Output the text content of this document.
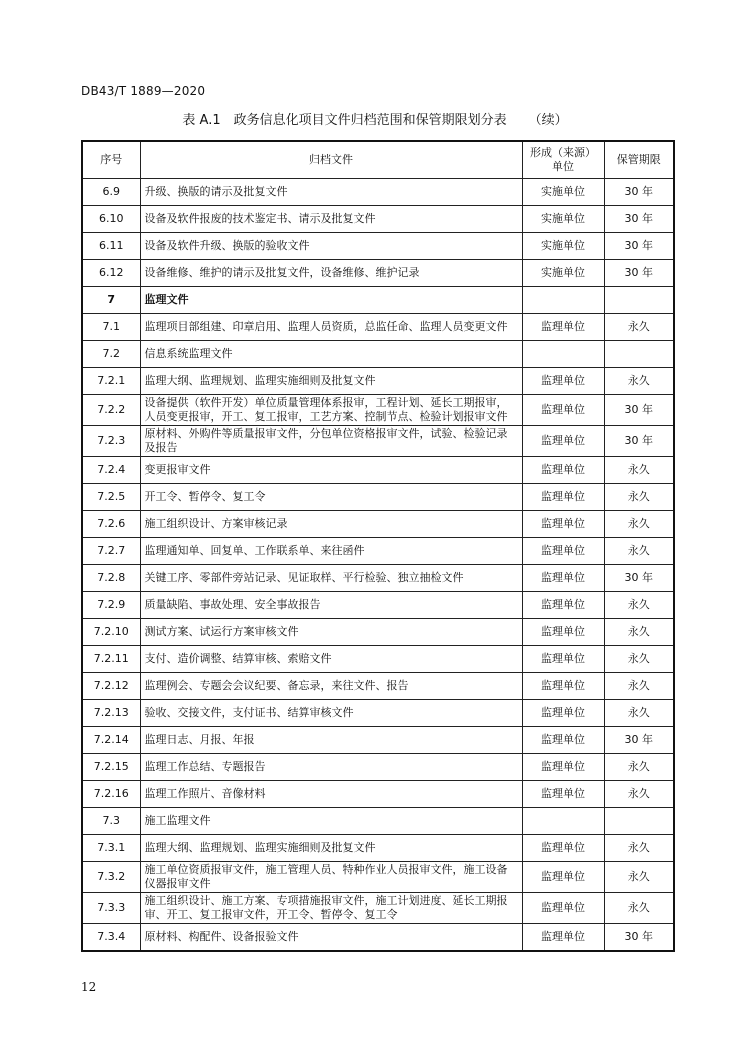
DB43/T 1889—2020
表 A.1　政务信息化项目文件归档范围和保管期限划分表 （续）
序号	归档文件	形成（来源）单位	保管期限
6.9	升级、换版的请示及批复文件	实施单位	30 年
6.10	设备及软件报废的技术鉴定书、请示及批复文件	实施单位	30 年
6.11	设备及软件升级、换版的验收文件	实施单位	30 年
6.12	设备维修、维护的请示及批复文件，设备维修、维护记录	实施单位	30 年
7	监理文件		
7.1	监理项目部组建、印章启用、监理人员资质，总监任命、监理人员变更文件	监理单位	永久
7.2	信息系统监理文件		
7.2.1	监理大纲、监理规划、监理实施细则及批复文件	监理单位	永久
7.2.2	设备提供（软件开发）单位质量管理体系报审，工程计划、延长工期报审，人员变更报审，开工、复工报审，工艺方案、控制节点、检验计划报审文件	监理单位	30 年
7.2.3	原材料、外购件等质量报审文件，分包单位资格报审文件，试验、检验记录及报告	监理单位	30 年
7.2.4	变更报审文件	监理单位	永久
7.2.5	开工令、暂停令、复工令	监理单位	永久
7.2.6	施工组织设计、方案审核记录	监理单位	永久
7.2.7	监理通知单、回复单、工作联系单、来往函件	监理单位	永久
7.2.8	关键工序、零部件旁站记录、见证取样、平行检验、独立抽检文件	监理单位	30 年
7.2.9	质量缺陷、事故处理、安全事故报告	监理单位	永久
7.2.10	测试方案、试运行方案审核文件	监理单位	永久
7.2.11	支付、造价调整、结算审核、索赔文件	监理单位	永久
7.2.12	监理例会、专题会会议纪要、备忘录，来往文件、报告	监理单位	永久
7.2.13	验收、交接文件，支付证书、结算审核文件	监理单位	永久
7.2.14	监理日志、月报、年报	监理单位	30 年
7.2.15	监理工作总结、专题报告	监理单位	永久
7.2.16	监理工作照片、音像材料	监理单位	永久
7.3	施工监理文件		
7.3.1	监理大纲、监理规划、监理实施细则及批复文件	监理单位	永久
7.3.2	施工单位资质报审文件，施工管理人员、特种作业人员报审文件，施工设备仪器报审文件	监理单位	永久
7.3.3	施工组织设计、施工方案、专项措施报审文件，施工计划进度、延长工期报审、开工、复工报审文件，开工令、暂停令、复工令	监理单位	永久
7.3.4	原材料、构配件、设备报验文件	监理单位	30 年
12
